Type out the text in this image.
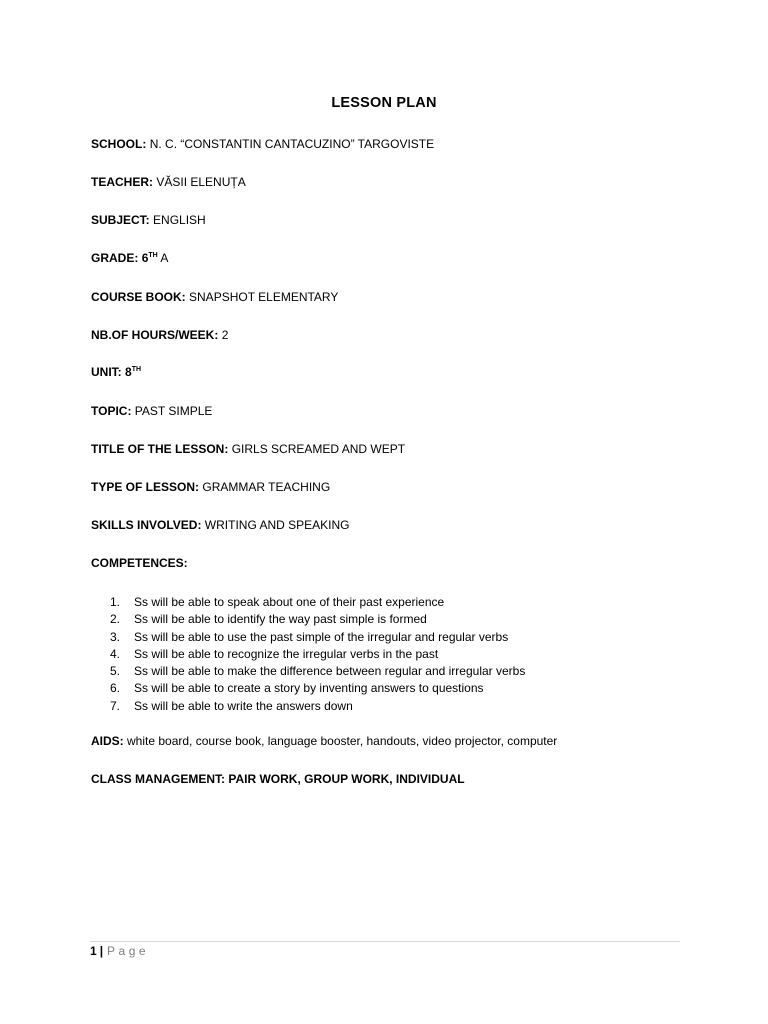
LESSON PLAN
SCHOOL: N. C. “CONSTANTIN CANTACUZINO” TARGOVISTE
TEACHER: VĂSII ELENUȚA
SUBJECT: ENGLISH
GRADE: 6TH A
COURSE BOOK: SNAPSHOT ELEMENTARY
NB.OF HOURS/WEEK: 2
UNIT: 8TH
TOPIC: PAST SIMPLE
TITLE OF THE LESSON: GIRLS SCREAMED AND WEPT
TYPE OF LESSON: GRAMMAR TEACHING
SKILLS INVOLVED: WRITING AND SPEAKING
COMPETENCES:
1. Ss will be able to speak about one of their past experience
2. Ss will be able to identify the way past simple is formed
3. Ss will be able to use the past simple of the irregular and regular verbs
4. Ss will be able to recognize the irregular verbs in the past
5. Ss will be able to make the difference between regular and irregular verbs
6. Ss will be able to create a story by inventing answers to questions
7. Ss will be able to write the answers down
AIDS: white board, course book, language booster, handouts, video projector, computer
CLASS MANAGEMENT: PAIR WORK, GROUP WORK, INDIVIDUAL
1 | Page
